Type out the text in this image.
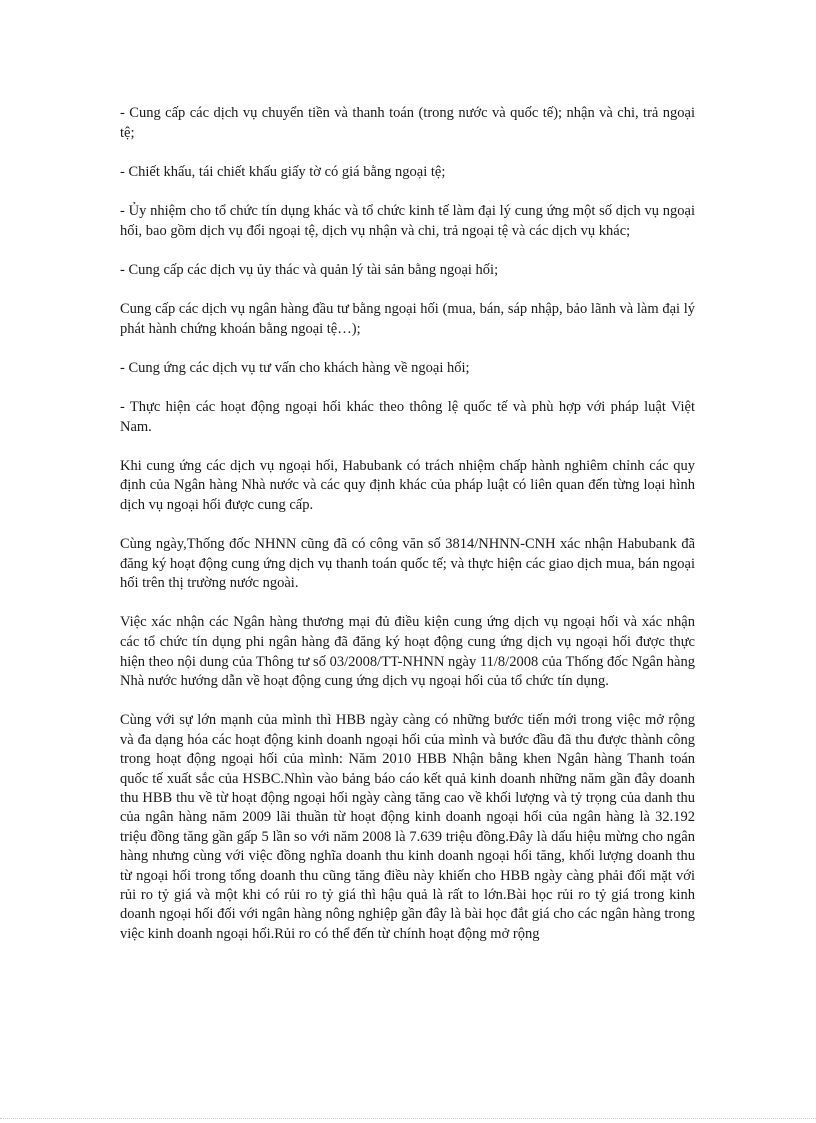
- Cung cấp các dịch vụ chuyển tiền và thanh toán (trong nước và quốc tế); nhận và chi, trả ngoại tệ;

- Chiết khấu, tái chiết khấu giấy tờ có giá bằng ngoại tệ;

- Ủy nhiệm cho tổ chức tín dụng khác và tổ chức kinh tế làm đại lý cung ứng một số dịch vụ ngoại hối, bao gồm dịch vụ đổi ngoại tệ, dịch vụ nhận và chi, trả ngoại tệ và các dịch vụ khác;

- Cung cấp các dịch vụ ủy thác và quản lý tài sản bằng ngoại hối;

Cung cấp các dịch vụ ngân hàng đầu tư bằng ngoại hối (mua, bán, sáp nhập, bảo lãnh và làm đại lý phát hành chứng khoán bằng ngoại tệ…);

- Cung ứng các dịch vụ tư vấn cho khách hàng về ngoại hối;

- Thực hiện các hoạt động ngoại hối khác theo thông lệ quốc tế và phù hợp với pháp luật Việt Nam.

Khi cung ứng các dịch vụ ngoại hối, Habubank có trách nhiệm chấp hành nghiêm chỉnh các quy định của Ngân hàng Nhà nước và các quy định khác của pháp luật có liên quan đến từng loại hình dịch vụ ngoại hối được cung cấp.

Cùng ngày,Thống đốc NHNN cũng đã có công văn số 3814/NHNN-CNH xác nhận Habubank đã đăng ký hoạt động cung ứng dịch vụ thanh toán quốc tế; và thực hiện các giao dịch mua, bán ngoại hối trên thị trường nước ngoài.

Việc xác nhận các Ngân hàng thương mại đủ điều kiện cung ứng dịch vụ ngoại hối và xác nhận các tổ chức tín dụng phi ngân hàng đã đăng ký hoạt động cung ứng dịch vụ ngoại hối được thực hiện theo nội dung của Thông tư số 03/2008/TT-NHNN ngày 11/8/2008 của Thống đốc Ngân hàng Nhà nước hướng dẫn về hoạt động cung ứng dịch vụ ngoại hối của tổ chức tín dụng.

Cùng với sự lớn mạnh của mình thì HBB ngày càng có những bước tiến mới trong việc mở rộng và đa dạng hóa các hoạt động kinh doanh ngoại hối của mình và bước đầu đã thu được thành công trong hoạt động ngoại hối của mình: Năm 2010 HBB Nhận bằng khen Ngân hàng Thanh toán quốc tế xuất sắc của HSBC.Nhìn vào bảng báo cáo kết quả kinh doanh những năm gần đây doanh thu HBB thu về từ hoạt động ngoại hối ngày càng tăng cao về khối lượng và tỷ trọng của danh thu của ngân hàng năm 2009 lãi thuần từ hoạt động kinh doanh ngoại hối của ngân hàng là 32.192 triệu đồng tăng gần gấp 5 lần so với năm 2008 là 7.639 triệu đồng.Đây là dấu hiệu mừng cho ngân hàng nhưng cùng với việc đồng nghĩa doanh thu kinh doanh ngoại hối tăng, khối lượng doanh thu từ ngoại hối trong tổng doanh thu cũng tăng điều này khiến cho HBB ngày càng phải đối mặt với rủi ro tỷ giá và một khi có rủi ro tỷ giá thì hậu quả là rất to lớn.Bài học rủi ro tỷ giá trong kinh doanh ngoại hối đối với ngân hàng nông nghiệp gần đây là bài học đắt giá cho các ngân hàng trong việc kinh doanh ngoại hối.Rủi ro có thể đến từ chính hoạt động mở rộng
